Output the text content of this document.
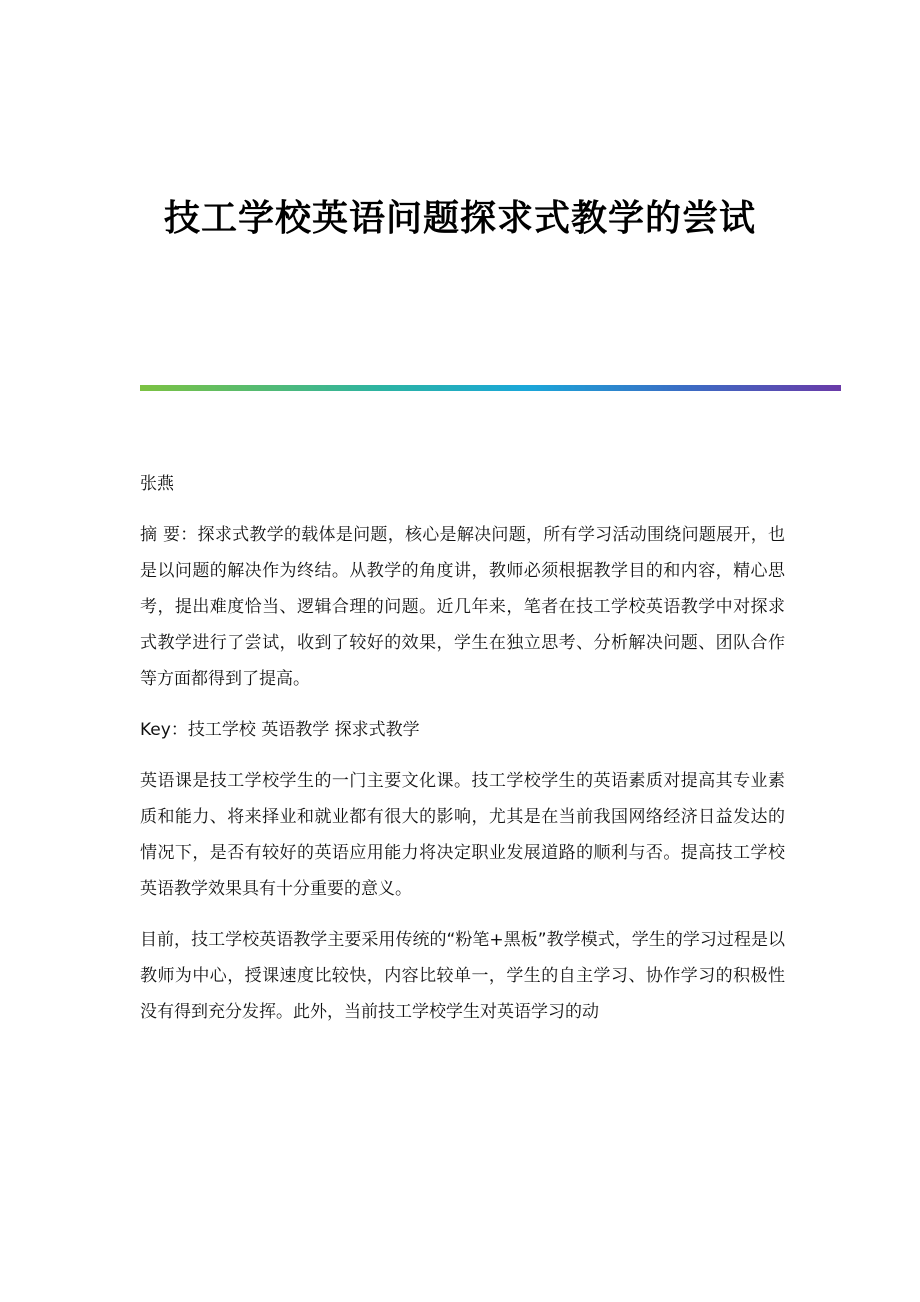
技工学校英语问题探求式教学的尝试

张燕

摘 要：探求式教学的载体是问题，核心是解决问题，所有学习活动围绕问题展开，也是以问题的解决作为终结。从教学的角度讲，教师必须根据教学目的和内容，精心思考，提出难度恰当、逻辑合理的问题。近几年来，笔者在技工学校英语教学中对探求式教学进行了尝试，收到了较好的效果，学生在独立思考、分析解决问题、团队合作等方面都得到了提高。

Key：技工学校 英语教学 探求式教学

英语课是技工学校学生的一门主要文化课。技工学校学生的英语素质对提高其专业素质和能力、将来择业和就业都有很大的影响，尤其是在当前我国网络经济日益发达的情况下，是否有较好的英语应用能力将决定职业发展道路的顺利与否。提高技工学校英语教学效果具有十分重要的意义。

目前，技工学校英语教学主要采用传统的“粉笔+黑板”教学模式，学生的学习过程是以教师为中心，授课速度比较快，内容比较单一，学生的自主学习、协作学习的积极性没有得到充分发挥。此外，当前技工学校学生对英语学习的动
